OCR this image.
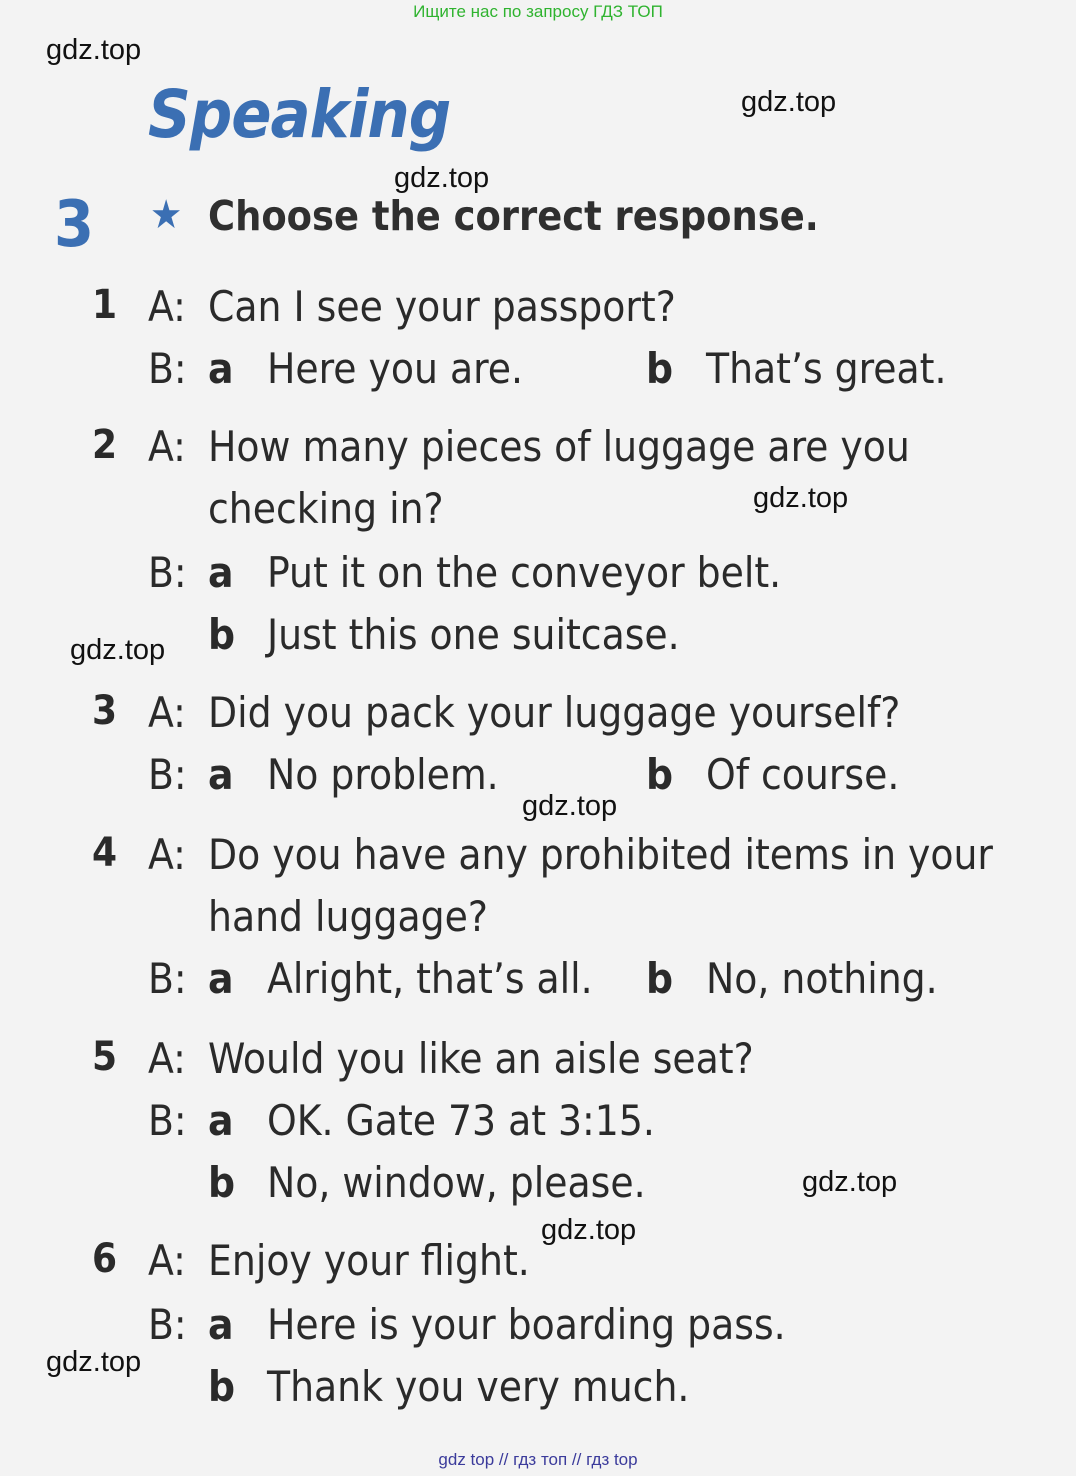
Ищите нас по запросу ГДЗ ТОП
Speaking
3 ★ Choose the correct response.
1 A: Can I see your passport?
B: a Here you are.	b That’s great.
2 A: How many pieces of luggage are you
checking in?
B: a Put it on the conveyor belt.
b Just this one suitcase.
3 A: Did you pack your luggage yourself?
B: a No problem.	b Of course.
4 A: Do you have any prohibited items in your
hand luggage?
B: a Alright, that’s all. b No, nothing.
5 A: Would you like an aisle seat?
B: a OK. Gate 73 at 3:15.
b No, window, please.
6 A: Enjoy your flight.
B: a Here is your boarding pass.
b Thank you very much.
gdz.top
gdz.top
gdz.top
gdz.top
gdz.top
gdz.top
gdz.top
gdz.top
gdz.top
gdz top // гдз топ // гдз top
